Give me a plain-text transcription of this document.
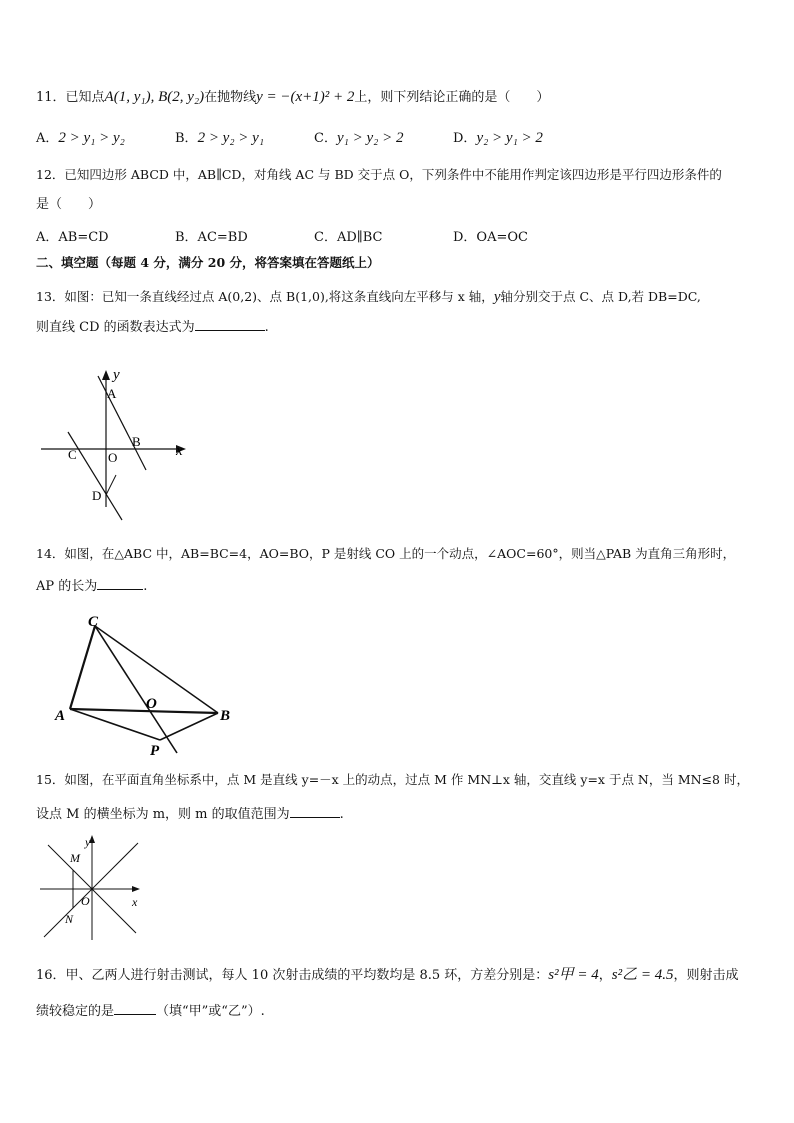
11．已知点A(1, y₁), B(2, y₂)在抛物线y = −(x+1)² + 2上，则下列结论正确的是（　　）
A．2 > y₁ > y₂	B．2 > y₂ > y₁	C．y₁ > y₂ > 2	D．y₂ > y₁ > 2
12．已知四边形 ABCD 中，AB∥CD，对角线 AC 与 BD 交于点 O，下列条件中不能用作判定该四边形是平行四边形条件的
是（　　）
A．AB=CD	B．AC=BD	C．AD∥BC	D．OA=OC
二、填空题（每题 4 分，满分 20 分，将答案填在答题纸上）
13．如图：已知一条直线经过点 A(0,2)、点 B(1,0),将这条直线向左平移与 x 轴，y轴分别交于点 C、点 D,若 DB=DC,
则直线 CD 的函数表达式为	.
y
x
A
B
C O
D
14．如图，在△ABC 中，AB=BC=4，AO=BO，P 是射线 CO 上的一个动点，∠AOC=60°，则当△PAB 为直角三角形时，
AP 的长为	.
C
A	B
O
P
15．如图，在平面直角坐标系中，点 M 是直线 y=－x 上的动点，过点 M 作 MN⊥x 轴，交直线 y=x 于点 N，当 MN≤8 时，
设点 M 的横坐标为 m，则 m 的取值范围为	.
y
M
O	x
N
16．甲、乙两人进行射击测试，每人 10 次射击成绩的平均数均是 8.5 环，方差分别是：s²甲 = 4，s²乙 = 4.5，则射击成
绩较稳定的是	（填“甲”或“乙”）.
